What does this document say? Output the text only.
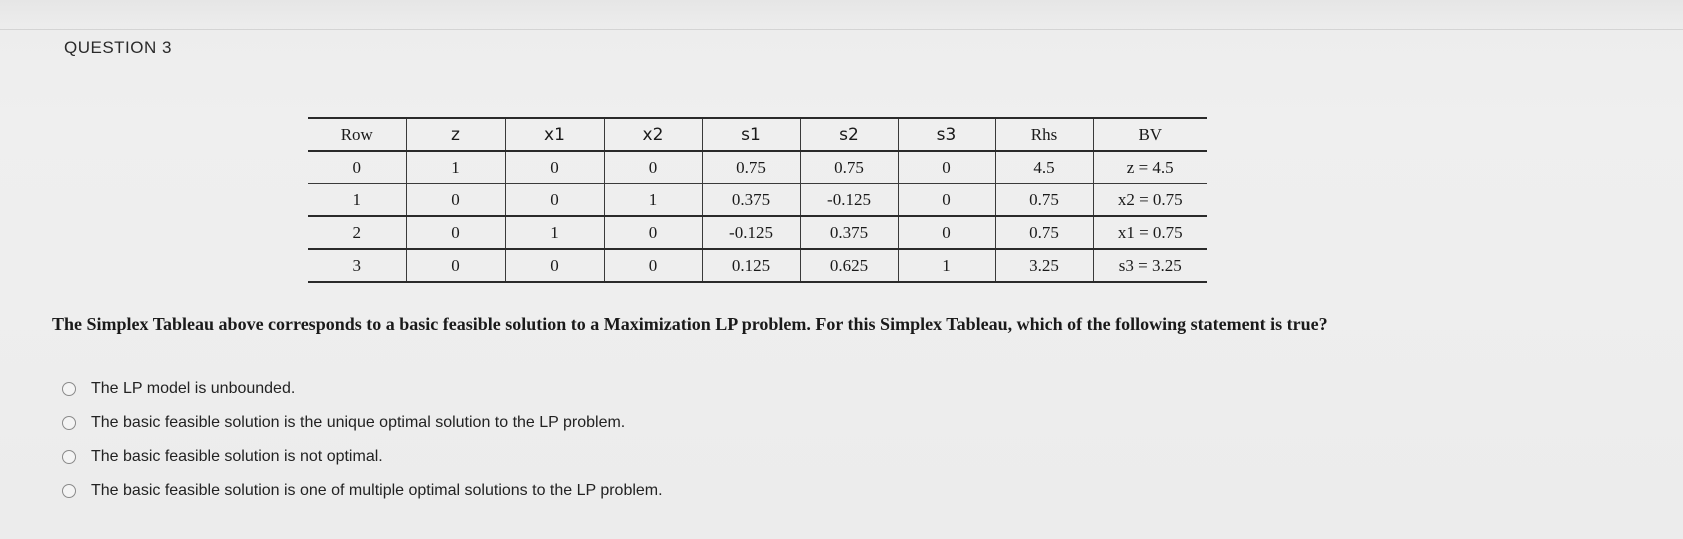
QUESTION 3
Row	z	x1	x2	s1	s2	s3	Rhs	BV
0	1	0	0	0.75	0.75	0	4.5	z = 4.5
1	0	0	1	0.375	-0.125	0	0.75	x2 = 0.75
2	0	1	0	-0.125	0.375	0	0.75	x1 = 0.75
3	0	0	0	0.125	0.625	1	3.25	s3 = 3.25
The Simplex Tableau above corresponds to a basic feasible solution to a Maximization LP problem. For this Simplex Tableau, which of the following statement is true?
The LP model is unbounded.
The basic feasible solution is the unique optimal solution to the LP problem.
The basic feasible solution is not optimal.
The basic feasible solution is one of multiple optimal solutions to the LP problem.
